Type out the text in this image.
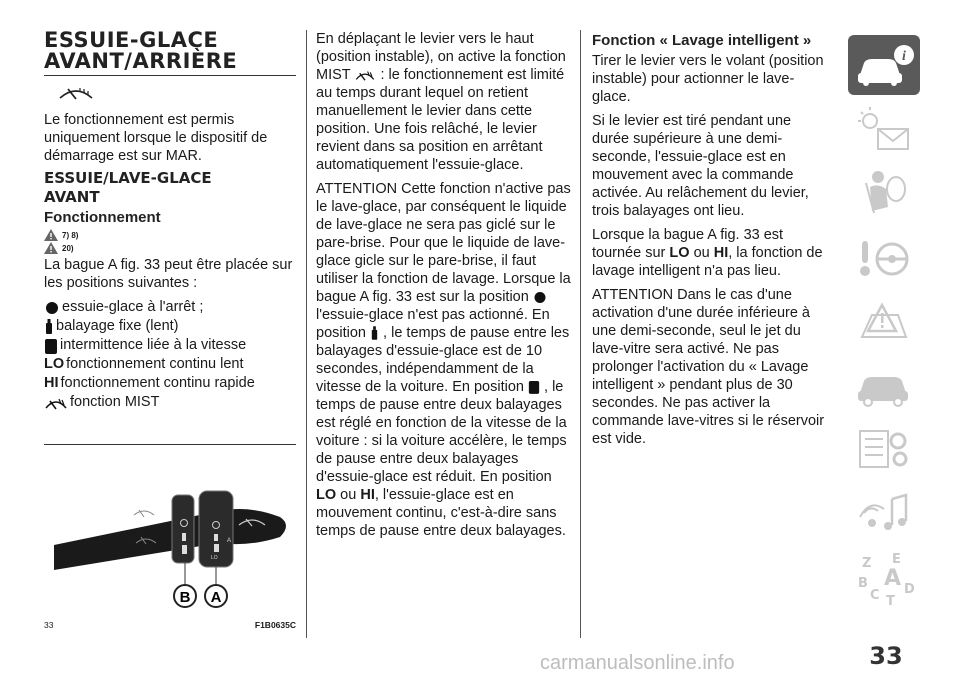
ESSUIE-GLACE
AVANT/ARRIÈRE

Le fonctionnement est permis uniquement lorsque le dispositif de démarrage est sur MAR.

ESSUIE/LAVE-GLACE
AVANT
Fonctionnement
7) 8)
20)

La bague A fig. 33 peut être placée sur les positions suivantes :

essuie-glace à l'arrêt ;
balayage fixe (lent)
intermittence liée à la vitesse
LO fonctionnement continu lent
HI fonctionnement continu rapide
fonction MIST
A
LO
B A
33	F1B0635C

En déplaçant le levier vers le haut (position instable), on active la fonction MIST : le fonctionnement est limité au temps durant lequel on retient manuellement le levier dans cette position. Une fois relâché, le levier revient dans sa position en arrêtant automatiquement l'essuie-glace.

ATTENTION Cette fonction n'active pas le lave-glace, par conséquent le liquide de lave-glace ne sera pas giclé sur le pare-brise. Pour que le liquide de lave-glace gicle sur le pare-brise, il faut utiliser la fonction de lavage. Lorsque la bague A fig. 33 est sur la position  l'essuie-glace n'est pas actionné. En position , le temps de pause entre les balayages d'essuie-glace est de 10 secondes, indépendamment de la vitesse de la voiture. En position , le temps de pause entre deux balayages est réglé en fonction de la vitesse de la voiture : si la voiture accélère, le temps de pause entre deux balayages d'essuie-glace est réduit. En position LO ou HI, l'essuie-glace est en mouvement continu, c'est-à-dire sans temps de pause entre deux balayages.

Fonction « Lavage intelligent »

Tirer le levier vers le volant (position instable) pour actionner le lave-glace.

Si le levier est tiré pendant une durée supérieure à une demi-seconde, l'essuie-glace est en mouvement avec la commande activée. Au relâchement du levier, trois balayages ont lieu.

Lorsque la bague A fig. 33 est tournée sur LO ou HI, la fonction de lavage intelligent n'a pas lieu.

ATTENTION Dans le cas d'une activation d'une durée inférieure à une demi-seconde, seul le jet du lave-vitre sera activé. Ne pas prolonger l'activation du « Lavage intelligent » pendant plus de 30 secondes. Ne pas activer la commande lave-vitres si le réservoir est vide.

i
Z E
B A
C D
T
carmanualsonline.info	33
